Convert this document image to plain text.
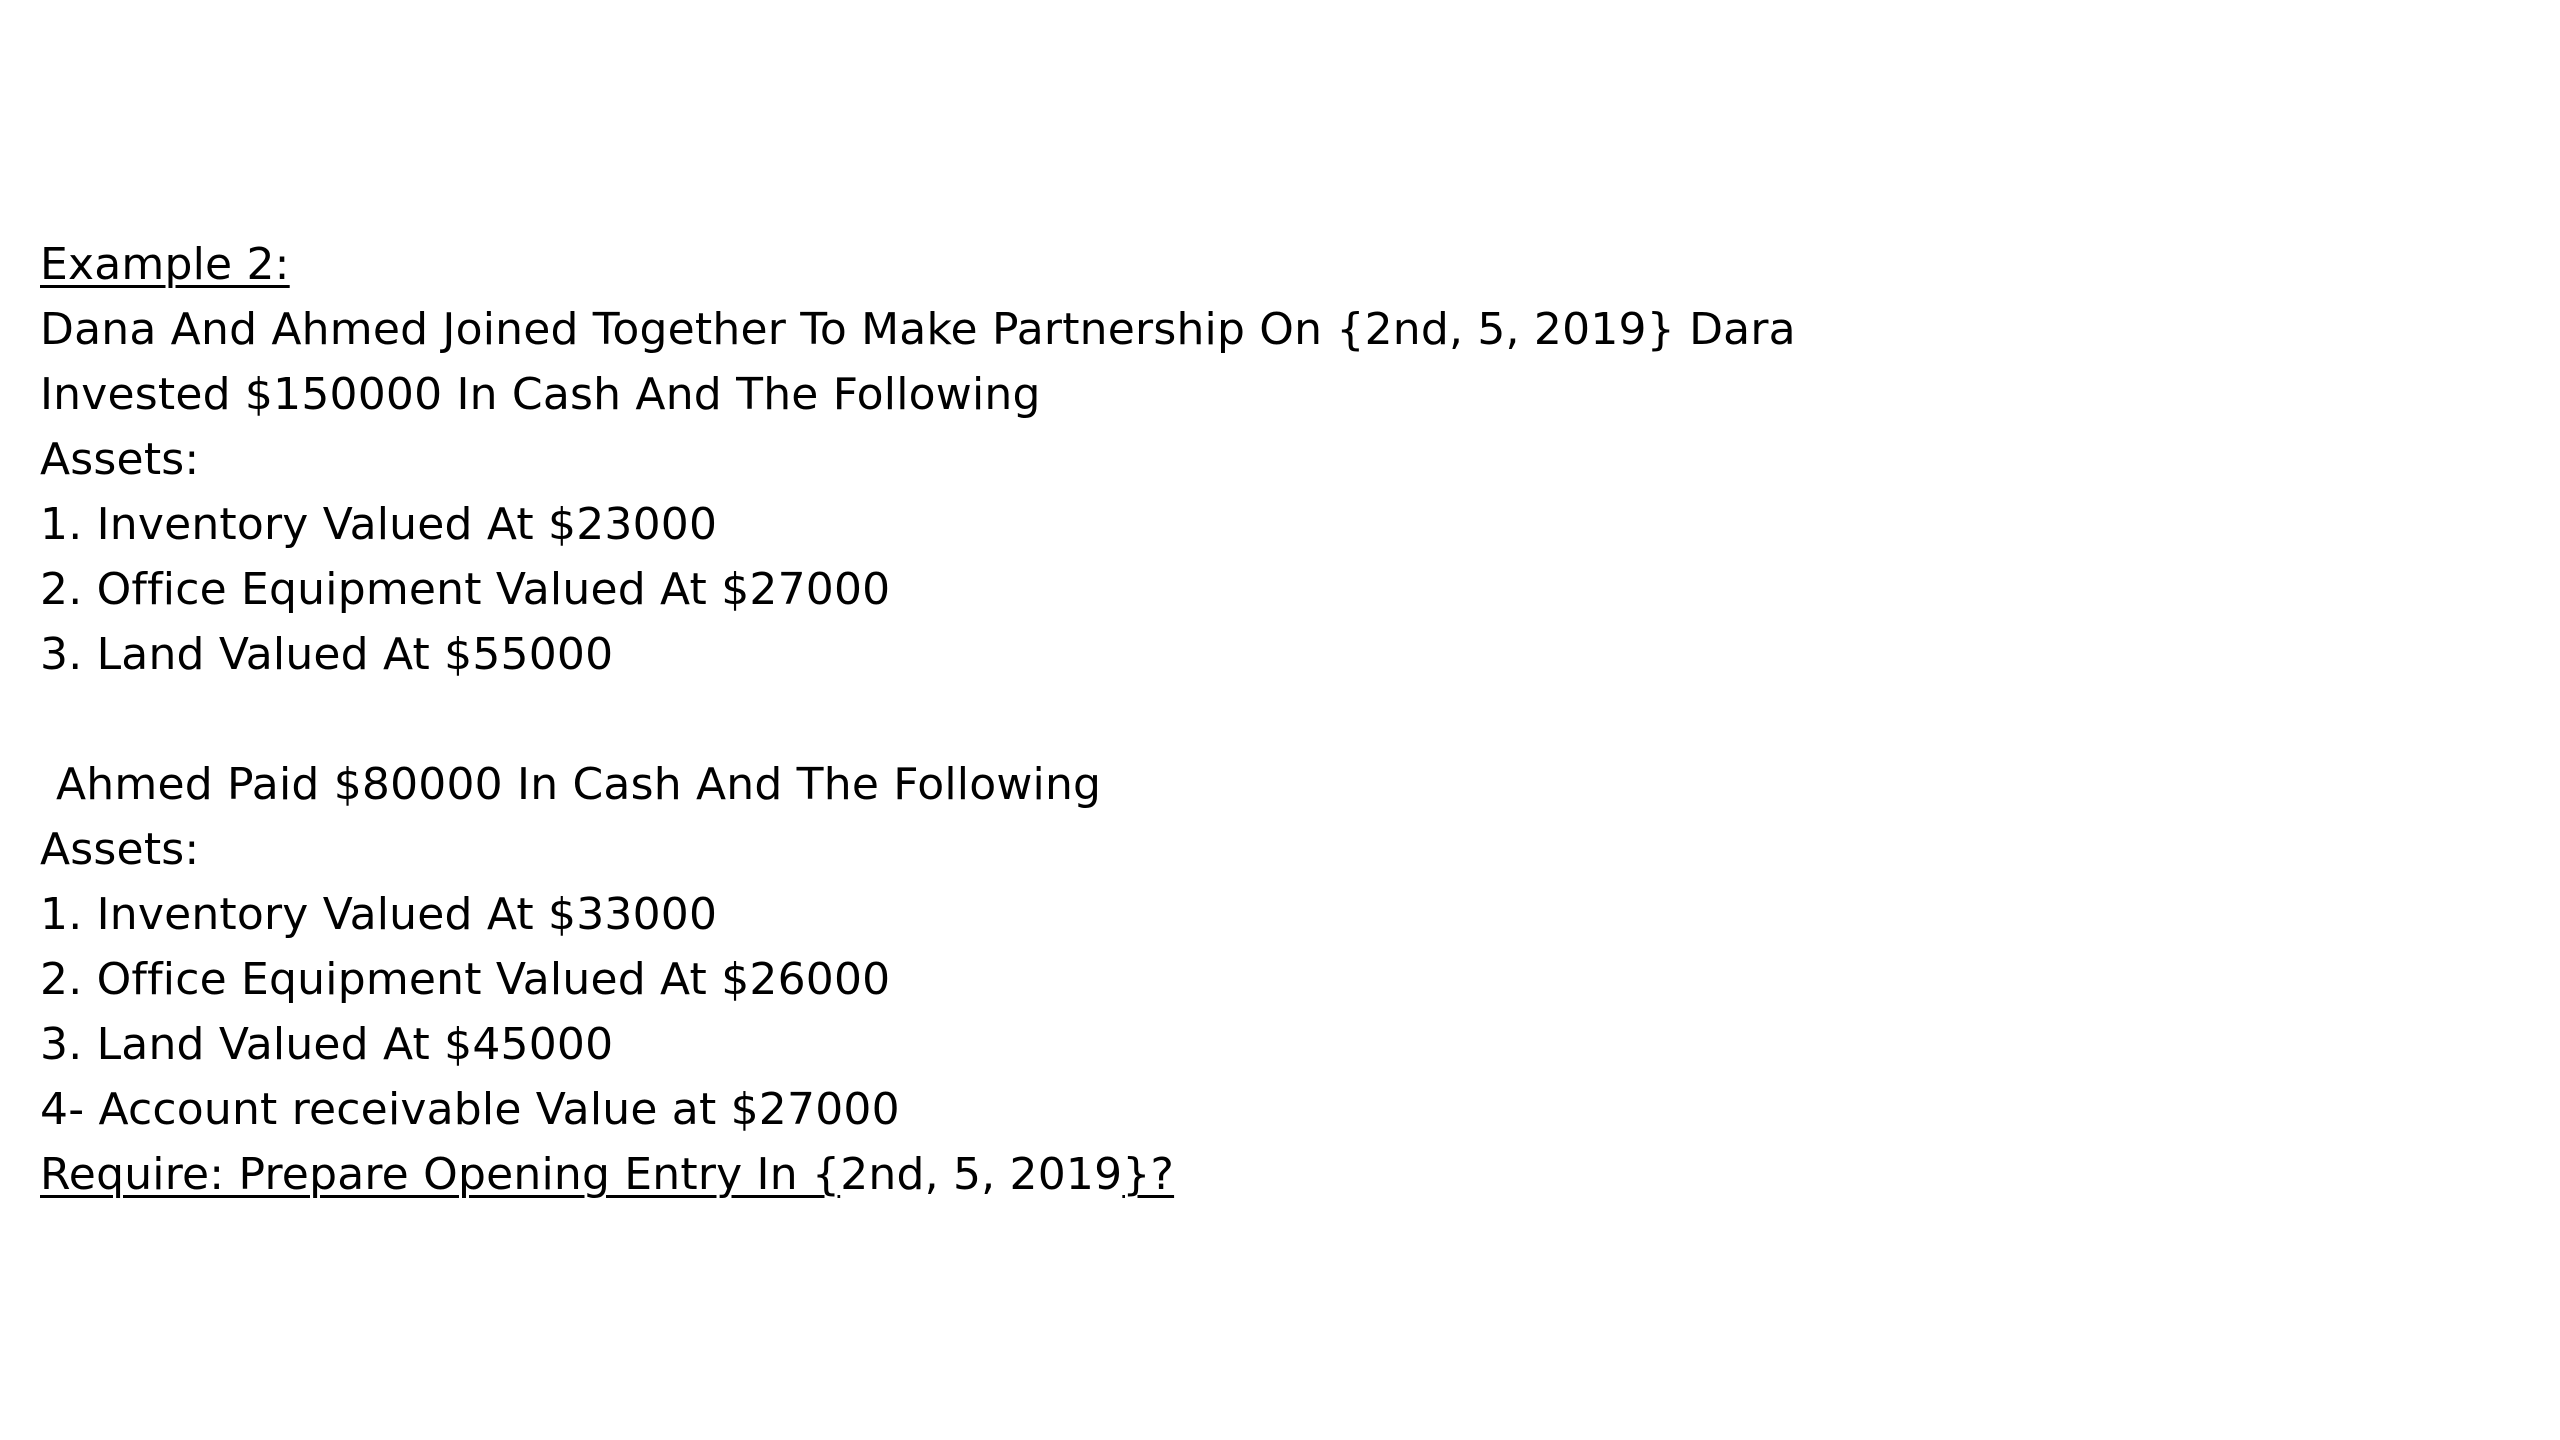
Example 2:
Dana And Ahmed Joined Together To Make Partnership On {2nd, 5, 2019} Dara
Invested $150000 In Cash And The Following
Assets:
1. Inventory Valued At $23000
2. Office Equipment Valued At $27000
3. Land Valued At $55000
Ahmed Paid $80000 In Cash And The Following
Assets:
1. Inventory Valued At $33000
2. Office Equipment Valued At $26000
3. Land Valued At $45000
4- Account receivable Value at $27000
Require: Prepare Opening Entry In {2nd, 5, 2019}?
